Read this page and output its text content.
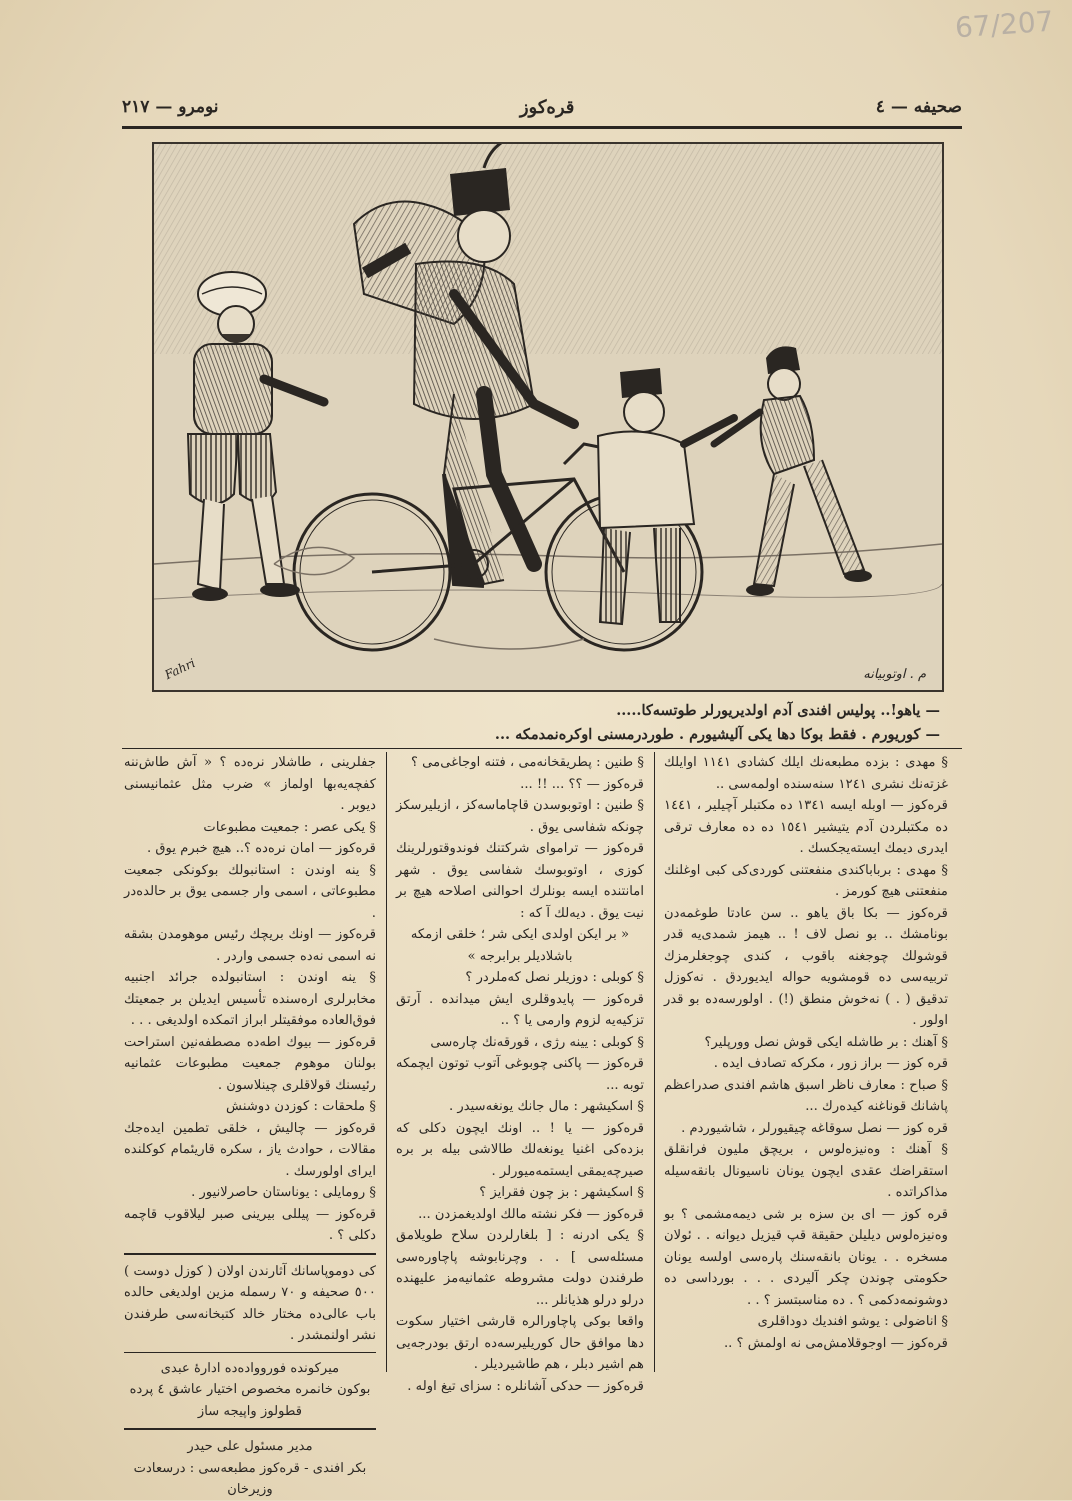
67/207
صحيفه — ٤
قره‌كوز
نومرو — ٢١٧
م . اوتوبيانه
Fahri
— ياهو!.. پوليس افندى آدم اولديريورلر طوتسه‌كا.....
— كوريورم . فقط بوكا دها يكى آليشيورم . طوردرمسنى اوكره‌نمدمكه ...

§ مهدى : بزده مطبعه‌نك ايلك كشادى ١١٤١ اوايلك غزته‌نك نشرى ١٢٤١ سنه‌سنده اولمه‌سى ..

قره‌كوز — اوبله ايسه ١٣٤١ ده مكتبلر آچيلير ، ١٤٤١ ده مكتبلردن آدم يتيشير ١٥٤١ ده ده معارف ترقى ايدرى ديمك ايسته‌يجكسك .

§ مهدى : برباباكندى منفعتنى كوردى‌كى كبى اوغلنك منفعتنى هيچ كورمز .

قره‌كوز — بكا باق ياهو .. سن عادتا طوغمه‌دن بونامشك .. بو نصل لاف ! .. هيمز شمدى‌يه قدر قوشولك چوجغنه باقوب ، كندى چوجغلرمزك تربيه‌سى ده قومشويه حواله ايديوردق . نه‌كوزل تدقيق ( . ) نه‌خوش منطق (!) . اولورسه‌ده بو قدر اولور .

§ آهنك : بر طاشله ايكى قوش نصل وورپلير؟

قره كوز — براز زور ، مكركه تصادف ايده .

§ صباح : معارف ناظر اسبق هاشم افندى صدراعظم پاشانك قوناغنه كيده‌رك ...

قره كوز — نصل سوقاغه چيقيورلر ، شاشيوردم .

§ آهنك : وه‌نيزه‌لوس ، بريچق مليون فرانقلق استقراضك عقدى ايچون يونان ناسيونال بانقه‌سيله مذاكراتده .

قره كوز — اى بن سزه بر شى ديمه‌مشمى ؟ بو وه‌نيزه‌لوس ديليلن حقيقة قپ قيزيل ديوانه . . ئولان مسخره . . يونان بانقه‌سنك پاره‌سى اولسه يونان حكومتى چوندن چكر آليردى . . . بورداسى ده دوشونمه‌دكمى ؟ . ده مناسبتسز ؟ . .

§ اناضولى : يوشو افنديك دوداقلرى

قره‌كوز — اوجوقلامش‌مى نه اولمش ؟ ..

§ طنين : پطريقخانه‌مى ، فتنه اوجاغى‌مى ؟

قره‌كوز — ؟؟ ... !! ...

§ طنين : اوتوبوسدن قاچاماسه‌كز ، ازيليرسكز چونكه شفاسى يوق .

قره‌كوز — ترامواى شركتنك فوندوقتورلرينك كوزى ، اوتوبوسك شفاسى يوق . شهر امانتنده ايسه بونلرك احوالنى اصلاحه هيچ بر نيت يوق . ديه‌لك آ كه :

« بر ايكن اولدى ايكى شر ؛ خلقى ازمكه باشلاديلر برابرجه »

§ كوبلى : دوزيلر نصل كه‌ملردر ؟

قره‌كوز — پايدوقلرى ايش ميدانده . آرتق تزكيه‌يه لزوم وارمى يا ؟ ..

§ كوبلى : يينه رژى ، قورقه‌نك چاره‌سى

قره‌كوز — پاكنى چوبوغى آتوب توتون ايچمكه توبه ...

§ اسكيشهر : مال جانك يونغه‌سيدر .

قره‌كوز — يا ! .. اونك ايچون دكلى كه بزده‌كى اغنيا يونغه‌لك طالاشى بيله بر بره صيرچه‌يمقى ايستمه‌ميورلر .

§ اسكيشهر : بز چون فقرايز ؟

قره‌كوز — فكر نشته مالك اولديغمزدن ...

§ يكى ادرنه : [ بلغارلردن سلاح طويلامق مسئله‌سى ] . . وچرنابوشه پاچاوره‌سى طرفندن دولت مشروطه عثمانيه‌مز عليهنده درلو درلو هذيانلر ...

واقعا بوكى پاچاورالره قارشى اختيار سكوت دها موافق حال كوريليرسه‌ده ارتق بودرجه‌يى هم اشير دبلر ، هم طاشيرديلر .

قره‌كوز — حدكى آشانلره : سزاى تيغ اوله .

جفلرينى ، طاشلار نره‌ده ؟ « آش طاش‌ننه كفچه‌يه‌بها اولماز » ضرب مثل عثمانيسنى ديوبر .

§ يكى عصر : جمعيت مطبوعات

قره‌كوز — امان نره‌ده ؟.. هيچ خبرم يوق .

§ ينه اوندن : استانبولك بوكونكى جمعيت مطبوعاتى ، اسمى وار جسمى يوق بر حالده‌در .

قره‌كوز — اونك بريچك رئيس موهومدن بشقه نه اسمى نه‌ده جسمى واردر .

§ ينه اوندن : استانبولده جرائد اجنبيه مخابرلرى اره‌سنده تأسيس ايديلن بر جمعيتك فوق‌العاده موفقيتلر ابراز اتمكده اولديغى . . .

قره‌كوز — بيوك اطه‌ده مصطفه‌نين استراحت بولنان موهوم جمعيت مطبوعات عثمانيه رئيسنك قولاقلرى چينلاسون .

§ ملحقات : كوزدن دوشنش

قره‌كوز — چاليش ، خلقى تطمين ايده‌جك مقالات ، حوادث ياز ، سكره قاريئمام كوكلنده ايراى اولورسك .

§ رومايلى : يوناستان حاصرلانيور .

قره‌كوز — پيللى بيرينى صبر ليلاقوب قاچمه دكلى ؟ .

كى دوموپاسانك آثارندن اولان ( كوزل دوست ) ٥٠٠ صحيفه و ٧٠ رسمله مزين اولديغى حالده باب عالى‌ده مختار خالد كتبخانه‌سى طرفندن نشر اولنمشدر .

ميركونده فوروواده‌ده ادارۀ عبدى

بوكون خانمره مخصوص اختيار عاشق ٤ پرده قطولوز واپيجه ساز

مدير مسئول على حيدر

بكر افندى - قره‌كوز مطبعه‌سى : درسعادت وزيرخان
